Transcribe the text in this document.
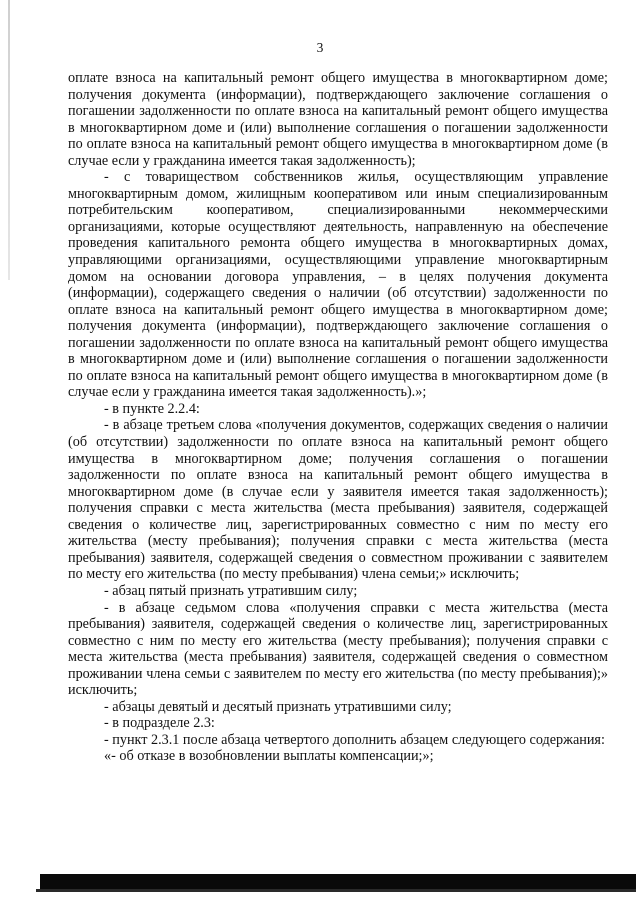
3

оплате взноса на капитальный ремонт общего имущества в многоквартирном доме; получения документа (информации), подтверждающего заключение соглашения о погашении задолженности по оплате взноса на капитальный ремонт общего имущества в многоквартирном доме и (или) выполнение соглашения о погашении задолженности по оплате взноса на капитальный ремонт общего имущества в многоквартирном доме (в случае если у гражданина имеется такая задолженность);

- с товариществом собственников жилья, осуществляющим управление многоквартирным домом, жилищным кооперативом или иным специализированным потребительским кооперативом, специализированными некоммерческими организациями, которые осуществляют деятельность, направленную на обеспечение проведения капитального ремонта общего имущества в многоквартирных домах, управляющими организациями, осуществляющими управление многоквартирным домом на основании договора управления, – в целях получения документа (информации), содержащего сведения о наличии (об отсутствии) задолженности по оплате взноса на капитальный ремонт общего имущества в многоквартирном доме; получения документа (информации), подтверждающего заключение соглашения о погашении задолженности по оплате взноса на капитальный ремонт общего имущества в многоквартирном доме и (или) выполнение соглашения о погашении задолженности по оплате взноса на капитальный ремонт общего имущества в многоквартирном доме (в случае если у гражданина имеется такая задолженность).»;

- в пункте 2.2.4:

- в абзаце третьем слова «получения документов, содержащих сведения о наличии (об отсутствии) задолженности по оплате взноса на капитальный ремонт общего имущества в многоквартирном доме; получения соглашения о погашении задолженности по оплате взноса на капитальный ремонт общего имущества в многоквартирном доме (в случае если у заявителя имеется такая задолженность); получения справки с места жительства (места пребывания) заявителя, содержащей сведения о количестве лиц, зарегистрированных совместно с ним по месту его жительства (месту пребывания); получения справки с места жительства (места пребывания) заявителя, содержащей сведения о совместном проживании с заявителем по месту его жительства (по месту пребывания) члена семьи;» исключить;

- абзац пятый признать утратившим силу;

- в абзаце седьмом слова «получения справки с места жительства (места пребывания) заявителя, содержащей сведения о количестве лиц, зарегистрированных совместно с ним по месту его жительства (месту пребывания); получения справки с места жительства (места пребывания) заявителя, содержащей сведения о совместном проживании члена семьи с заявителем по месту его жительства (по месту пребывания);» исключить;

- абзацы девятый и десятый признать утратившими силу;

- в подразделе 2.3:

- пункт 2.3.1 после абзаца четвертого дополнить абзацем следующего содержания:

«- об отказе в возобновлении выплаты компенсации;»;
